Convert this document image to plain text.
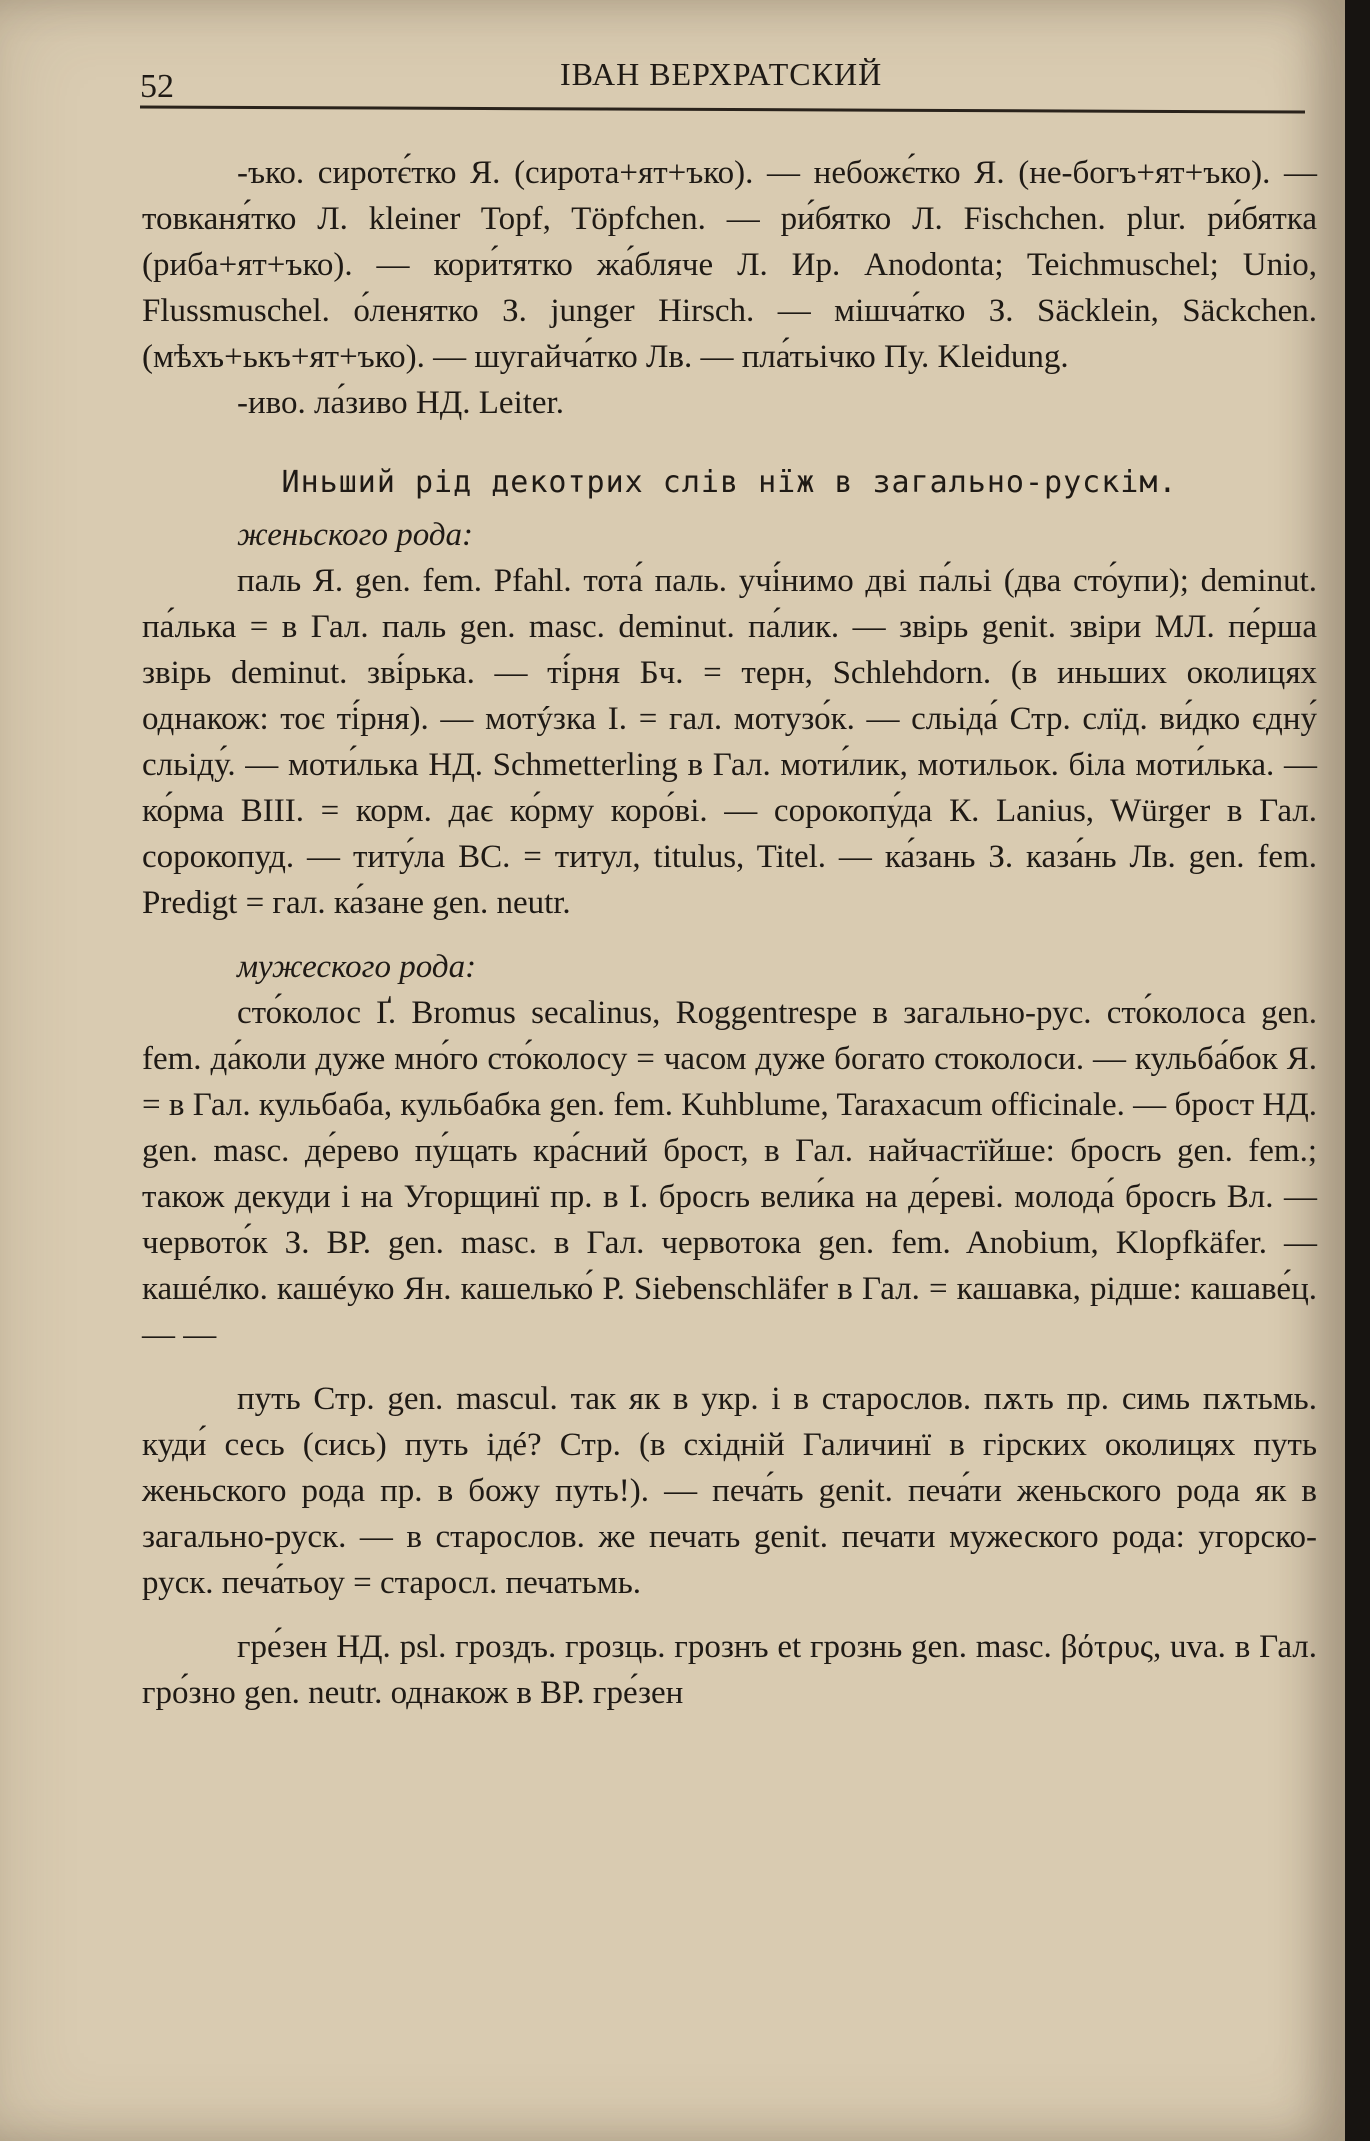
52	ІВАН ВЕРХРАТСКИЙ

-ъко. сиротє́тко Я. (сирота+ят+ъко). — небожє́тко Я. (не-богъ+ят+ъко). — товканя́тко Л. kleiner Topf, Töpfchen. — ри́бятко Л. Fischchen. plur. ри́бятка (риба+ят+ъко). — кори́тятко жа́бляче Л. Ир. Anodonta; Teichmuschel; Unio, Flussmuschel. о́ленятко З. junger Hirsch. — мішча́тко З. Säcklein, Säckchen. (мѣхъ+ькъ+ят+ъко). — шугайча́тко Лв. — пла́тьічко Пу. Kleidung.

-иво. ла́зиво НД. Leiter.

Иньший рід декотрих слів нїж в загально-рускім.

женьского рода:

паль Я. gen. fem. Pfahl. тота́ паль. учі́нимо дві па́льі (два сто́упи); deminut. па́лька = в Гал. паль gen. masc. deminut. па́лик. — звірь genit. звіри МЛ. пе́рша звірь deminut. зві́рька. — ті́рня Бч. = терн, Schlehdorn. (в иньших околицях однакож: тоє ті́рня). — мотýзка І. = гал. мотузо́к. — сльіда́ Стр. слїд. ви́дко єдну́ сльіду́. — моти́лька НД. Schmetterling в Гал. моти́лик, мотильок. біла моти́лька. — ко́рма ВІІІ. = корм. даϵ ко́рму коро́ві. — сорокопу́да К. Lanius, Würger в Гал. сорокопуд. — титу́ла ВС. = титул, titulus, Titel. — ка́зань З. каза́нь Лв. gen. fem. Predigt = гал. ка́зане gen. neutr.

мужеского рода:

сто́колос Ґ. Bromus secalinus, Roggentrespe в загально-рус. сто́колоса gen. fem. да́коли дуже мно́го сто́колосу = часом дуже богато стоколоси. — кульба́бок Я. = в Гал. кульбаба, кульбабка gen. fem. Kuhblume, Taraxacum officinale. — брост НД. gen. masc. де́рево пу́щать кра́сний брост, в Гал. найчастїйше: бросrь gen. fem.; також декуди і на Угорщинї пр. в І. бросrь вели́ка на де́реві. молода́ бросrь Вл. — червото́к З. ВР. gen. masc. в Гал. червотока gen. fem. Anobium, Klopfkäfer. — кашéлко. кашéуко Ян. кашелько́ Р. Siebenschläfer в Гал. = кашавка, рідше: кашаве́ц. — —

путь Стр. gen. mascul. так як в укр. і в старослов. пѫть пр. симь пѫтьмь. куди́ сесь (сись) путь ідé? Стр. (в східній Галичинї в гірских околицях путь женьского рода пр. в божу путь!). — печа́ть genit. печа́ти женьского рода як в загально-руск. — в старослов. же печать genit. печати мужеского рода: угорско-руск. печа́тьоу = старосл. печатьмь.

гре́зен НД. psl. гроздъ. грозць. грознъ et грознь gen. masc. βότρυς, uva. в Гал. гро́зно gen. neutr. однакож в ВР. гре́зен
